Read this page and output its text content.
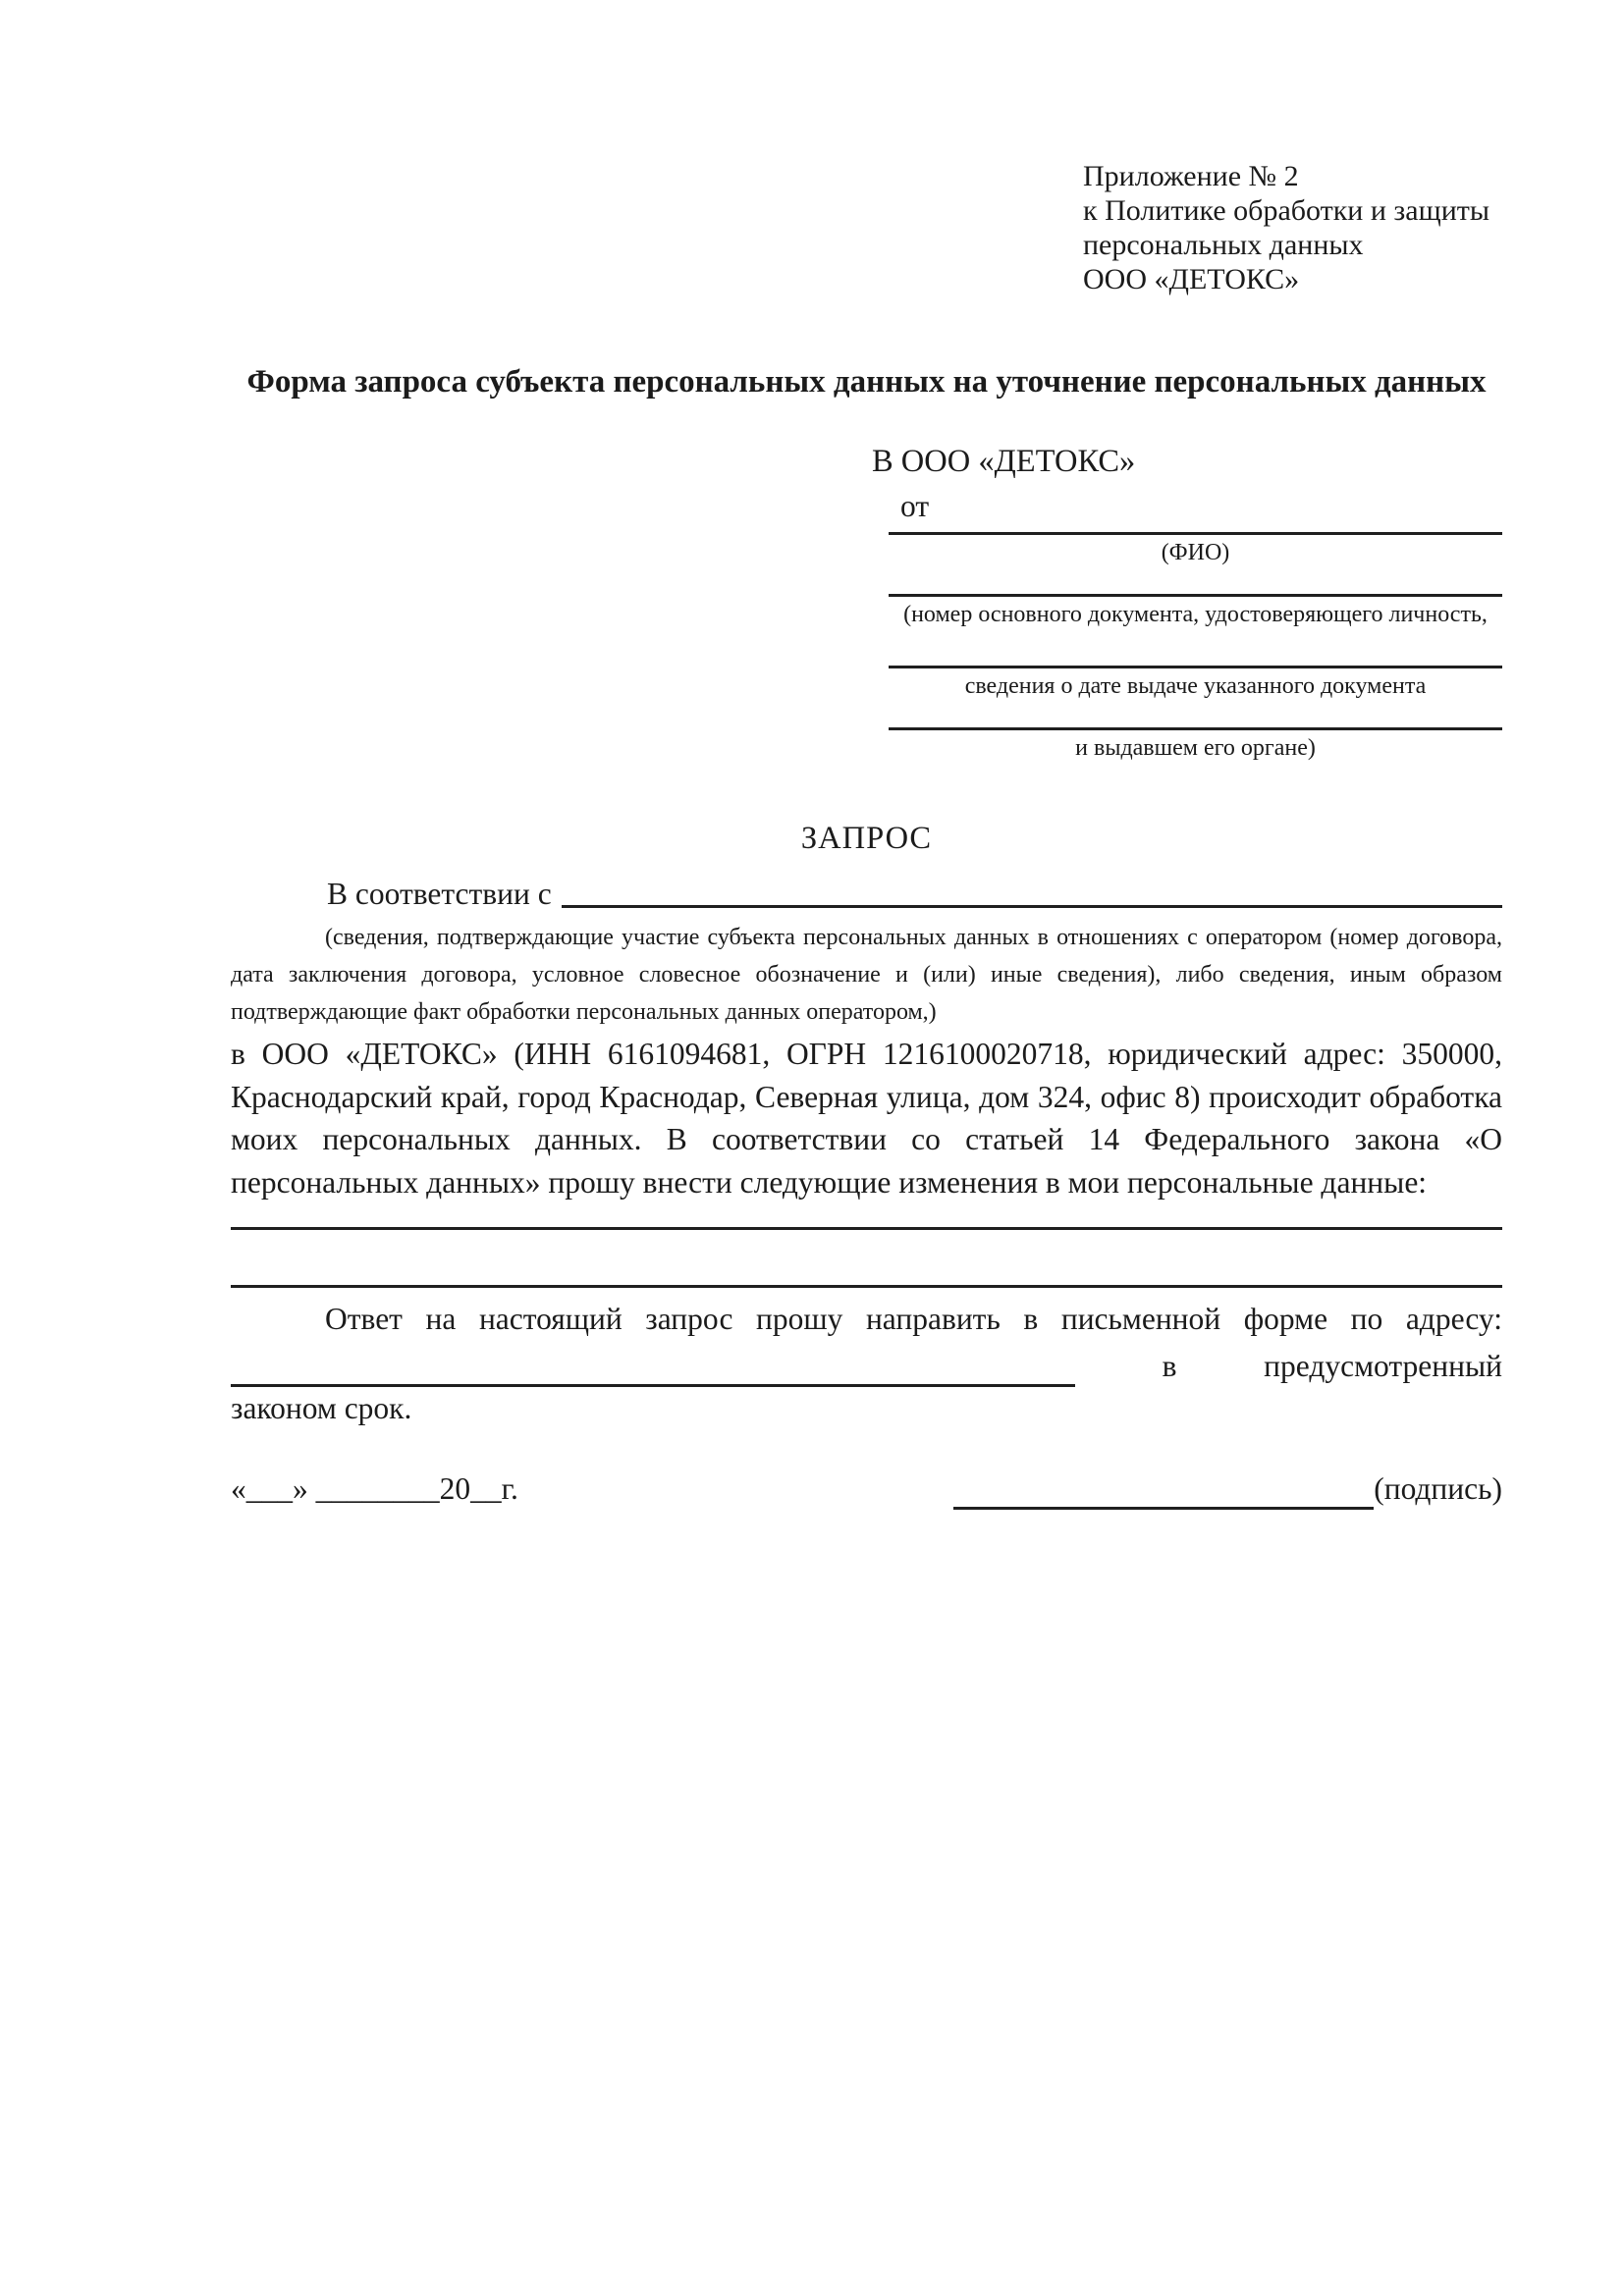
Приложение № 2
к Политике обработки и защиты
персональных данных
ООО «ДЕТОКС»
Форма запроса субъекта персональных данных на уточнение персональных данных
В ООО «ДЕТОКС»
от
(ФИО)
(номер основного документа, удостоверяющего личность,
сведения о дате выдаче указанного документа
и выдавшем его органе)
ЗАПРОС
В соответствии с
(сведения, подтверждающие участие субъекта персональных данных в отношениях с оператором (номер договора, дата заключения договора, условное словесное обозначение и (или) иные сведения), либо сведения, иным образом подтверждающие факт обработки персональных данных оператором,)
в ООО «ДЕТОКС» (ИНН 6161094681, ОГРН 1216100020718, юридический адрес: 350000, Краснодарский край, город Краснодар, Северная улица, дом 324, офис 8) происходит обработка моих персональных данных. В соответствии со статьей 14 Федерального закона «О персональных данных» прошу внести следующие изменения в мои персональные данные:
Ответ на настоящий запрос прошу направить в письменной форме по адресу:
в	предусмотренный
законом срок.
«___» ________20__г.	(подпись)
